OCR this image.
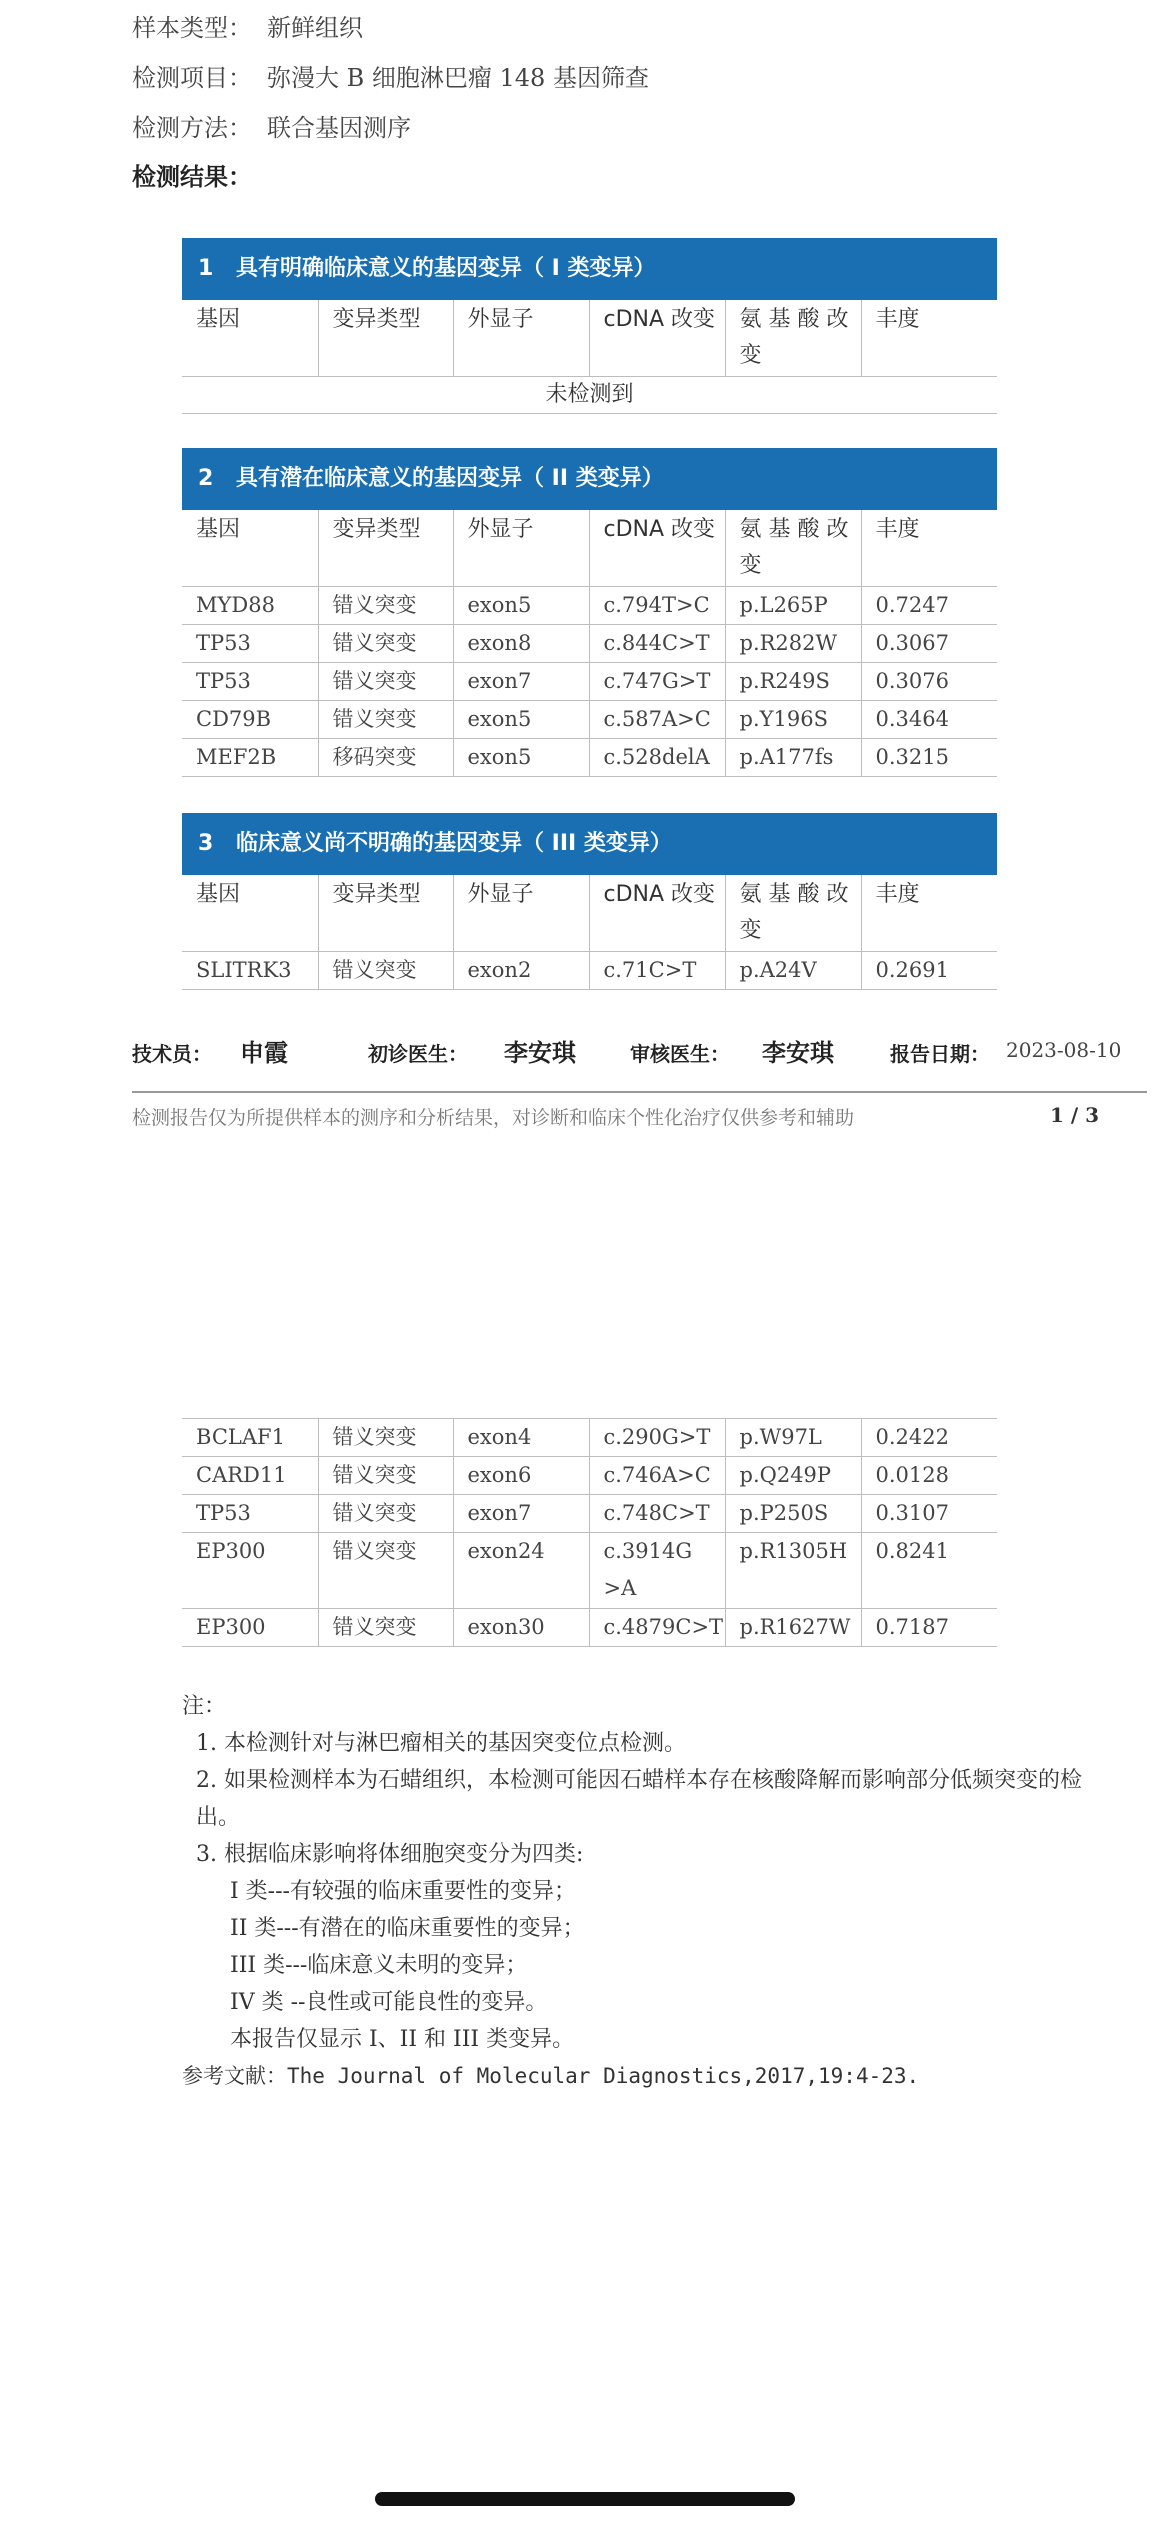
样本类型： 新鲜组织
检测项目： 弥漫大 B 细胞淋巴瘤 148 基因筛查
检测方法： 联合基因测序
检测结果：
1 具有明确临床意义的基因变异（ I 类变异）
基因	变异类型	外显子	cDNA 改变	氨 基 酸 改 变	丰度
未检测到
2 具有潜在临床意义的基因变异（ II 类变异）
基因	变异类型	外显子	cDNA 改变	氨 基 酸 改 变	丰度
MYD88	错义突变	exon5	c.794T>C	p.L265P	0.7247
TP53	错义突变	exon8	c.844C>T	p.R282W	0.3067
TP53	错义突变	exon7	c.747G>T	p.R249S	0.3076
CD79B	错义突变	exon5	c.587A>C	p.Y196S	0.3464
MEF2B	移码突变	exon5	c.528delA	p.A177fs	0.3215
3 临床意义尚不明确的基因变异（ III 类变异）
基因	变异类型	外显子	cDNA 改变	氨 基 酸 改 变	丰度
SLITRK3	错义突变	exon2	c.71C>T	p.A24V	0.2691
技术员： 申霞	初诊医生： 李安琪	审核医生： 李安琪	报告日期： 2023-08-10
检测报告仅为所提供样本的测序和分析结果，对诊断和临床个性化治疗仅供参考和辅助	1 / 3
BCLAF1	错义突变	exon4	c.290G>T	p.W97L	0.2422
CARD11	错义突变	exon6	c.746A>C	p.Q249P	0.0128
TP53	错义突变	exon7	c.748C>T	p.P250S	0.3107
EP300	错义突变	exon24	c.3914G>A	p.R1305H	0.8241
EP300	错义突变	exon30	c.4879C>T	p.R1627W	0.7187
注：
1. 本检测针对与淋巴瘤相关的基因突变位点检测。
2. 如果检测样本为石蜡组织，本检测可能因石蜡样本存在核酸降解而影响部分低频突变的检出。
3. 根据临床影响将体细胞突变分为四类:
I 类---有较强的临床重要性的变异；
II 类---有潜在的临床重要性的变异；
III 类---临床意义未明的变异；
IV 类 --良性或可能良性的变异。
本报告仅显示 I、II 和 III 类变异。
参考文献：The Journal of Molecular Diagnostics,2017,19:4-23.
